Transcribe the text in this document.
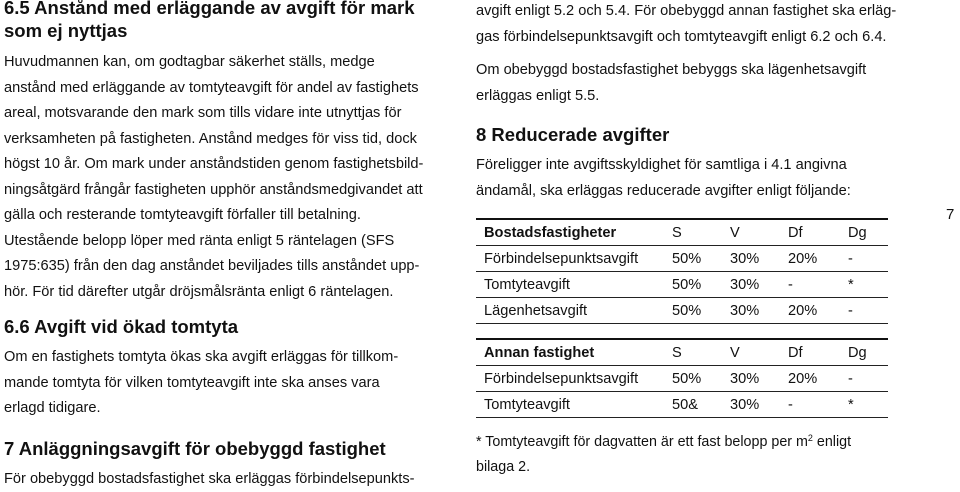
6.5 Anstånd med erläggande av avgift för mark
som ej nyttjas

Huvudmannen kan, om godtagbar säkerhet ställs, medge

anstånd med erläggande av tomtyteavgift för andel av fastighets

areal, motsvarande den mark som tills vidare inte utnyttjas för

verksamheten på fastigheten. Anstånd medges för viss tid, dock

högst 10 år. Om mark under anståndstiden genom fastighetsbild-

ningsåtgärd frångår fastigheten upphör anståndsmedgivandet att

gälla och resterande tomtyteavgift förfaller till betalning.

Utestående belopp löper med ränta enligt 5 räntelagen (SFS

1975:635) från den dag anståndet beviljades tills anståndet upp-

hör. För tid därefter utgår dröjsmålsränta enligt 6 räntelagen.

6.6 Avgift vid ökad tomtyta

Om en fastighets tomtyta ökas ska avgift erläggas för tillkom-

mande tomtyta för vilken tomtyteavgift inte ska anses vara

erlagd tidigare.

7 Anläggningsavgift för obebyggd fastighet

För obebyggd bostadsfastighet ska erläggas förbindelsepunkts-

avgift enligt 5.2 och 5.4. För obebyggd annan fastighet ska erläg-

gas förbindelsepunktsavgift och tomtyteavgift enligt 6.2 och 6.4.

Om obebyggd bostadsfastighet bebyggs ska lägenhetsavgift

erläggas enligt 5.5.

8 Reducerade avgifter

Föreligger inte avgiftsskyldighet för samtliga i 4.1 angivna

ändamål, ska erläggas reducerade avgifter enligt följande:

Bostadsfastigheter	S	V	Df	Dg
Förbindelsepunktsavgift	50%	30%	20%	-
Tomtyteavgift	50%	30%	-	*
Lägenhetsavgift	50%	30%	20%	-
Annan fastighet	S	V	Df	Dg
Förbindelsepunktsavgift	50%	30%	20%	-
Tomtyteavgift	50&	30%	-	*
* Tomtyteavgift för dagvatten är ett fast belopp per $m^2$ enligt
bilaga 2.
7
